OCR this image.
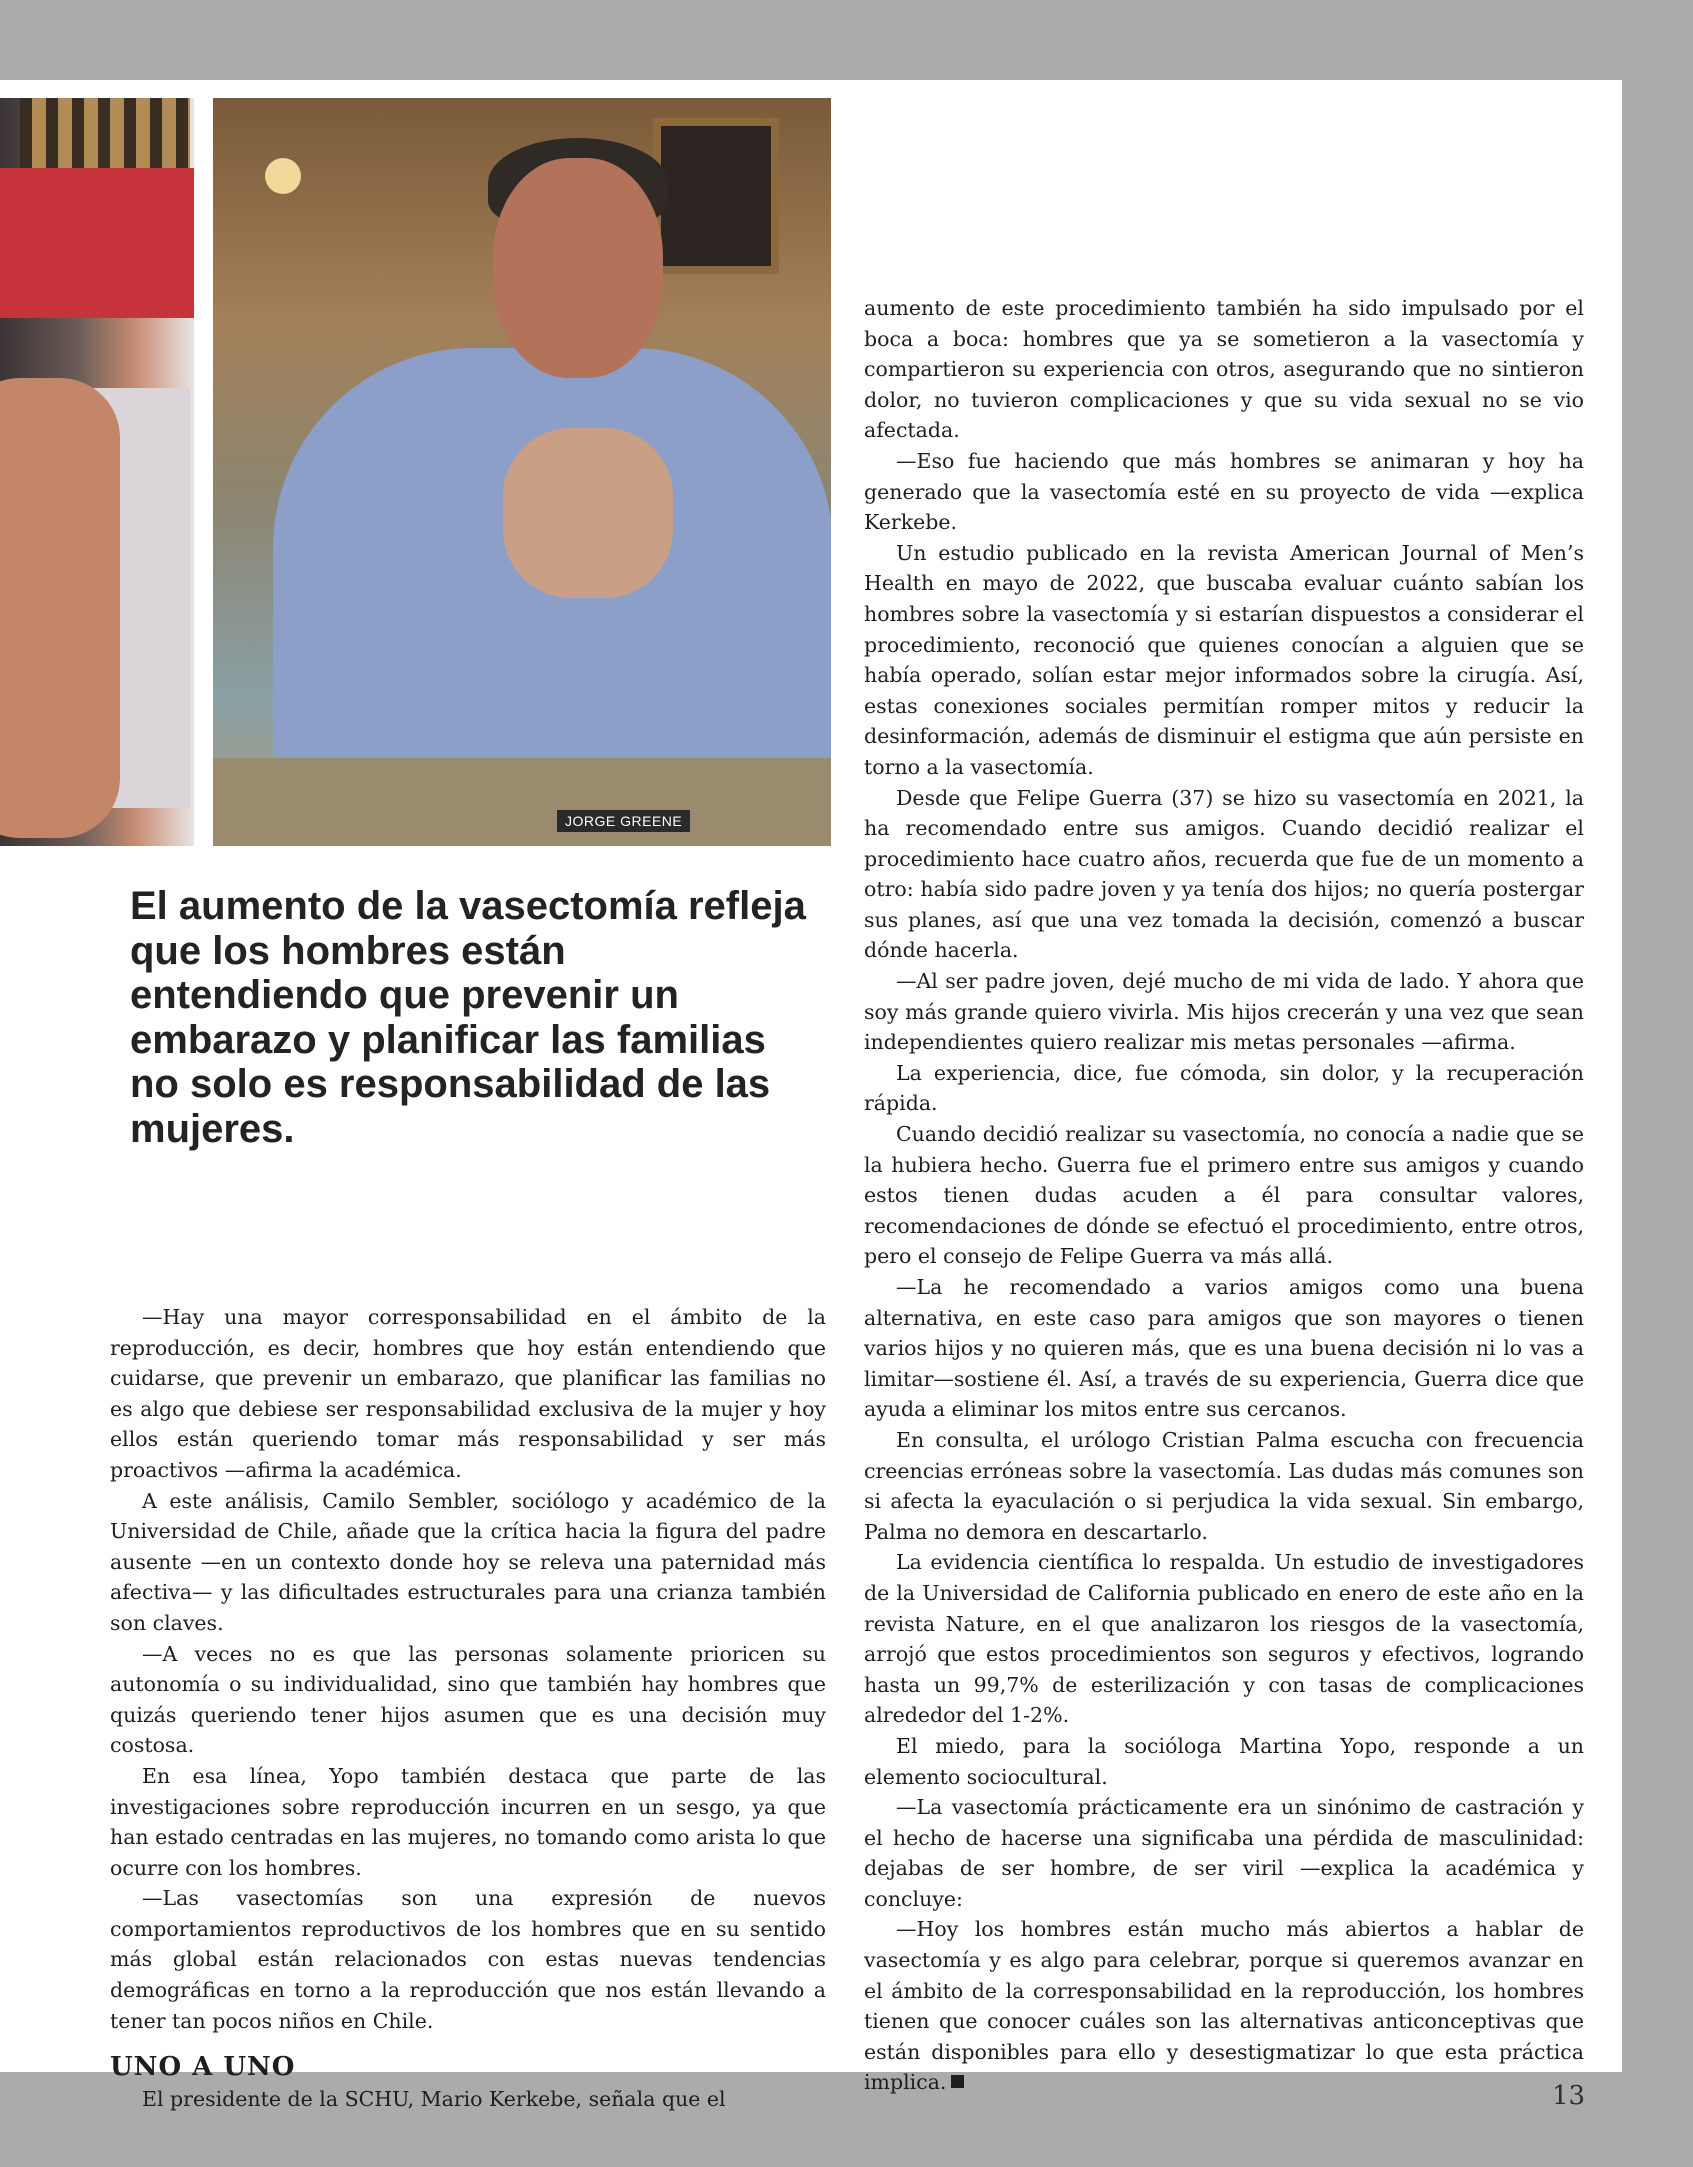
JORGE GREENE
El aumento de la vasectomía refleja que los hombres están entendiendo que prevenir un embarazo y planificar las familias no solo es responsabilidad de las mujeres.

—Hay una mayor corresponsabilidad en el ámbito de la reproducción, es decir, hombres que hoy están entendiendo que cuidarse, que prevenir un embarazo, que planificar las familias no es algo que debiese ser responsabilidad exclusiva de la mujer y hoy ellos están queriendo tomar más responsabilidad y ser más proactivos —afirma la académica.

A este análisis, Camilo Sembler, sociólogo y académico de la Universidad de Chile, añade que la crítica hacia la figura del padre ausente —en un contexto donde hoy se releva una paternidad más afectiva— y las dificultades estructurales para una crianza también son claves.

—A veces no es que las personas solamente prioricen su autonomía o su individualidad, sino que también hay hombres que quizás queriendo tener hijos asumen que es una decisión muy costosa.

En esa línea, Yopo también destaca que parte de las investigaciones sobre reproducción incurren en un sesgo, ya que han estado centradas en las mujeres, no tomando como arista lo que ocurre con los hombres.

—Las vasectomías son una expresión de nuevos comportamientos reproductivos de los hombres que en su sentido más global están relacionados con estas nuevas tendencias demográficas en torno a la reproducción que nos están llevando a tener tan pocos niños en Chile.

UNO A UNO

El presidente de la SCHU, Mario Kerkebe, señala que el

aumento de este procedimiento también ha sido impulsado por el boca a boca: hombres que ya se sometieron a la vasectomía y compartieron su experiencia con otros, asegurando que no sintieron dolor, no tuvieron complicaciones y que su vida sexual no se vio afectada.

—Eso fue haciendo que más hombres se animaran y hoy ha generado que la vasectomía esté en su proyecto de vida —explica Kerkebe.

Un estudio publicado en la revista American Journal of Men’s Health en mayo de 2022, que buscaba evaluar cuánto sabían los hombres sobre la vasectomía y si estarían dispuestos a considerar el procedimiento, reconoció que quienes conocían a alguien que se había operado, solían estar mejor informados sobre la cirugía. Así, estas conexiones sociales permitían romper mitos y reducir la desinformación, además de disminuir el estigma que aún persiste en torno a la vasectomía.

Desde que Felipe Guerra (37) se hizo su vasectomía en 2021, la ha recomendado entre sus amigos. Cuando decidió realizar el procedimiento hace cuatro años, recuerda que fue de un momento a otro: había sido padre joven y ya tenía dos hijos; no quería postergar sus planes, así que una vez tomada la decisión, comenzó a buscar dónde hacerla.

—Al ser padre joven, dejé mucho de mi vida de lado. Y ahora que soy más grande quiero vivirla. Mis hijos crecerán y una vez que sean independientes quiero realizar mis metas personales —afirma.

La experiencia, dice, fue cómoda, sin dolor, y la recuperación rápida.

Cuando decidió realizar su vasectomía, no conocía a nadie que se la hubiera hecho. Guerra fue el primero entre sus amigos y cuando estos tienen dudas acuden a él para consultar valores, recomendaciones de dónde se efectuó el procedimiento, entre otros, pero el consejo de Felipe Guerra va más allá.

—La he recomendado a varios amigos como una buena alternativa, en este caso para amigos que son mayores o tienen varios hijos y no quieren más, que es una buena decisión ni lo vas a limitar—sostiene él. Así, a través de su experiencia, Guerra dice que ayuda a eliminar los mitos entre sus cercanos.

En consulta, el urólogo Cristian Palma escucha con frecuencia creencias erróneas sobre la vasectomía. Las dudas más comunes son si afecta la eyaculación o si perjudica la vida sexual. Sin embargo, Palma no demora en descartarlo.

La evidencia científica lo respalda. Un estudio de investigadores de la Universidad de California publicado en enero de este año en la revista Nature, en el que analizaron los riesgos de la vasectomía, arrojó que estos procedimientos son seguros y efectivos, logrando hasta un 99,7% de esterilización y con tasas de complicaciones alrededor del 1-2%.

El miedo, para la socióloga Martina Yopo, responde a un elemento sociocultural.

—La vasectomía prácticamente era un sinónimo de castración y el hecho de hacerse una significaba una pérdida de masculinidad: dejabas de ser hombre, de ser viril —explica la académica y concluye:

—Hoy los hombres están mucho más abiertos a hablar de vasectomía y es algo para celebrar, porque si queremos avanzar en el ámbito de la corresponsabilidad en la reproducción, los hombres tienen que conocer cuáles son las alternativas anticonceptivas que están disponibles para ello y desestigmatizar lo que esta práctica implica.	13
